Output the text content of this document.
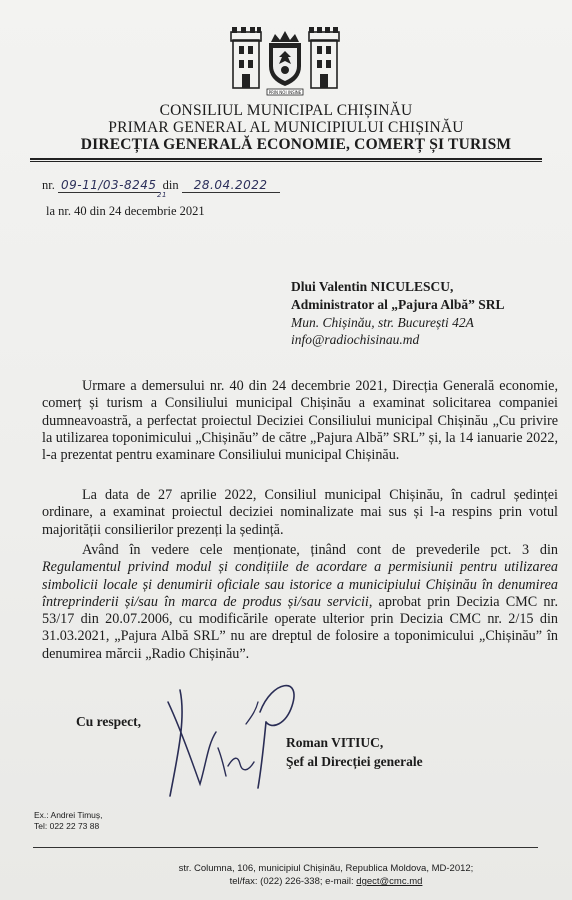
PRIN NOI INȘINE
CONSILIUL MUNICIPAL CHIȘINĂU
PRIMAR GENERAL AL MUNICIPIULUI CHIȘINĂU
DIRECȚIA GENERALĂ ECONOMIE, COMERȚ ȘI TURISM
nr. 09-11/03-8245 din 28.04.2022
21
la nr. 40 din 24 decembrie 2021
Dlui Valentin NICULESCU,
Administrator al „Pajura Albă” SRL
Mun. Chișinău, str. București 42A
info@radiochisinau.md

Urmare a demersului nr. 40 din 24 decembrie 2021, Direcția Generală economie, comerț și turism a Consiliului municipal Chișinău a examinat solicitarea companiei dumneavoastră, a perfectat proiectul Deciziei Consiliului municipal Chișinău „Cu privire la utilizarea toponimicului „Chișinău” de către „Pajura Albă” SRL” și, la 14 ianuarie 2022, l-a prezentat pentru examinare Consiliului municipal Chișinău.

La data de 27 aprilie 2022, Consiliul municipal Chișinău, în cadrul ședinței ordinare, a examinat proiectul deciziei nominalizate mai sus și l-a respins prin votul majorității consilierilor prezenți la ședință.

Având în vedere cele menționate, ținând cont de prevederile pct. 3 din Regulamentul privind modul și condițiile de acordare a permisiunii pentru utilizarea simbolicii locale și denumirii oficiale sau istorice a municipiului Chișinău în denumirea întreprinderii și/sau în marca de produs și/sau servicii, aprobat prin Decizia CMC nr. 53/17 din 20.07.2006, cu modificările operate ulterior prin Decizia CMC nr. 2/15 din 31.03.2021, „Pajura Albă SRL” nu are dreptul de folosire a toponimicului „Chișinău” în denumirea mărcii „Radio Chișinău”.

Cu respect,
Roman VITIUC,
Şef al Direcției generale
Ex.: Andrei Timuș,
Tel: 022 22 73 88
str. Columna, 106, municipiul Chișinău, Republica Moldova, MD-2012;
tel/fax: (022) 226-338; e-mail: dgect@cmc.md
